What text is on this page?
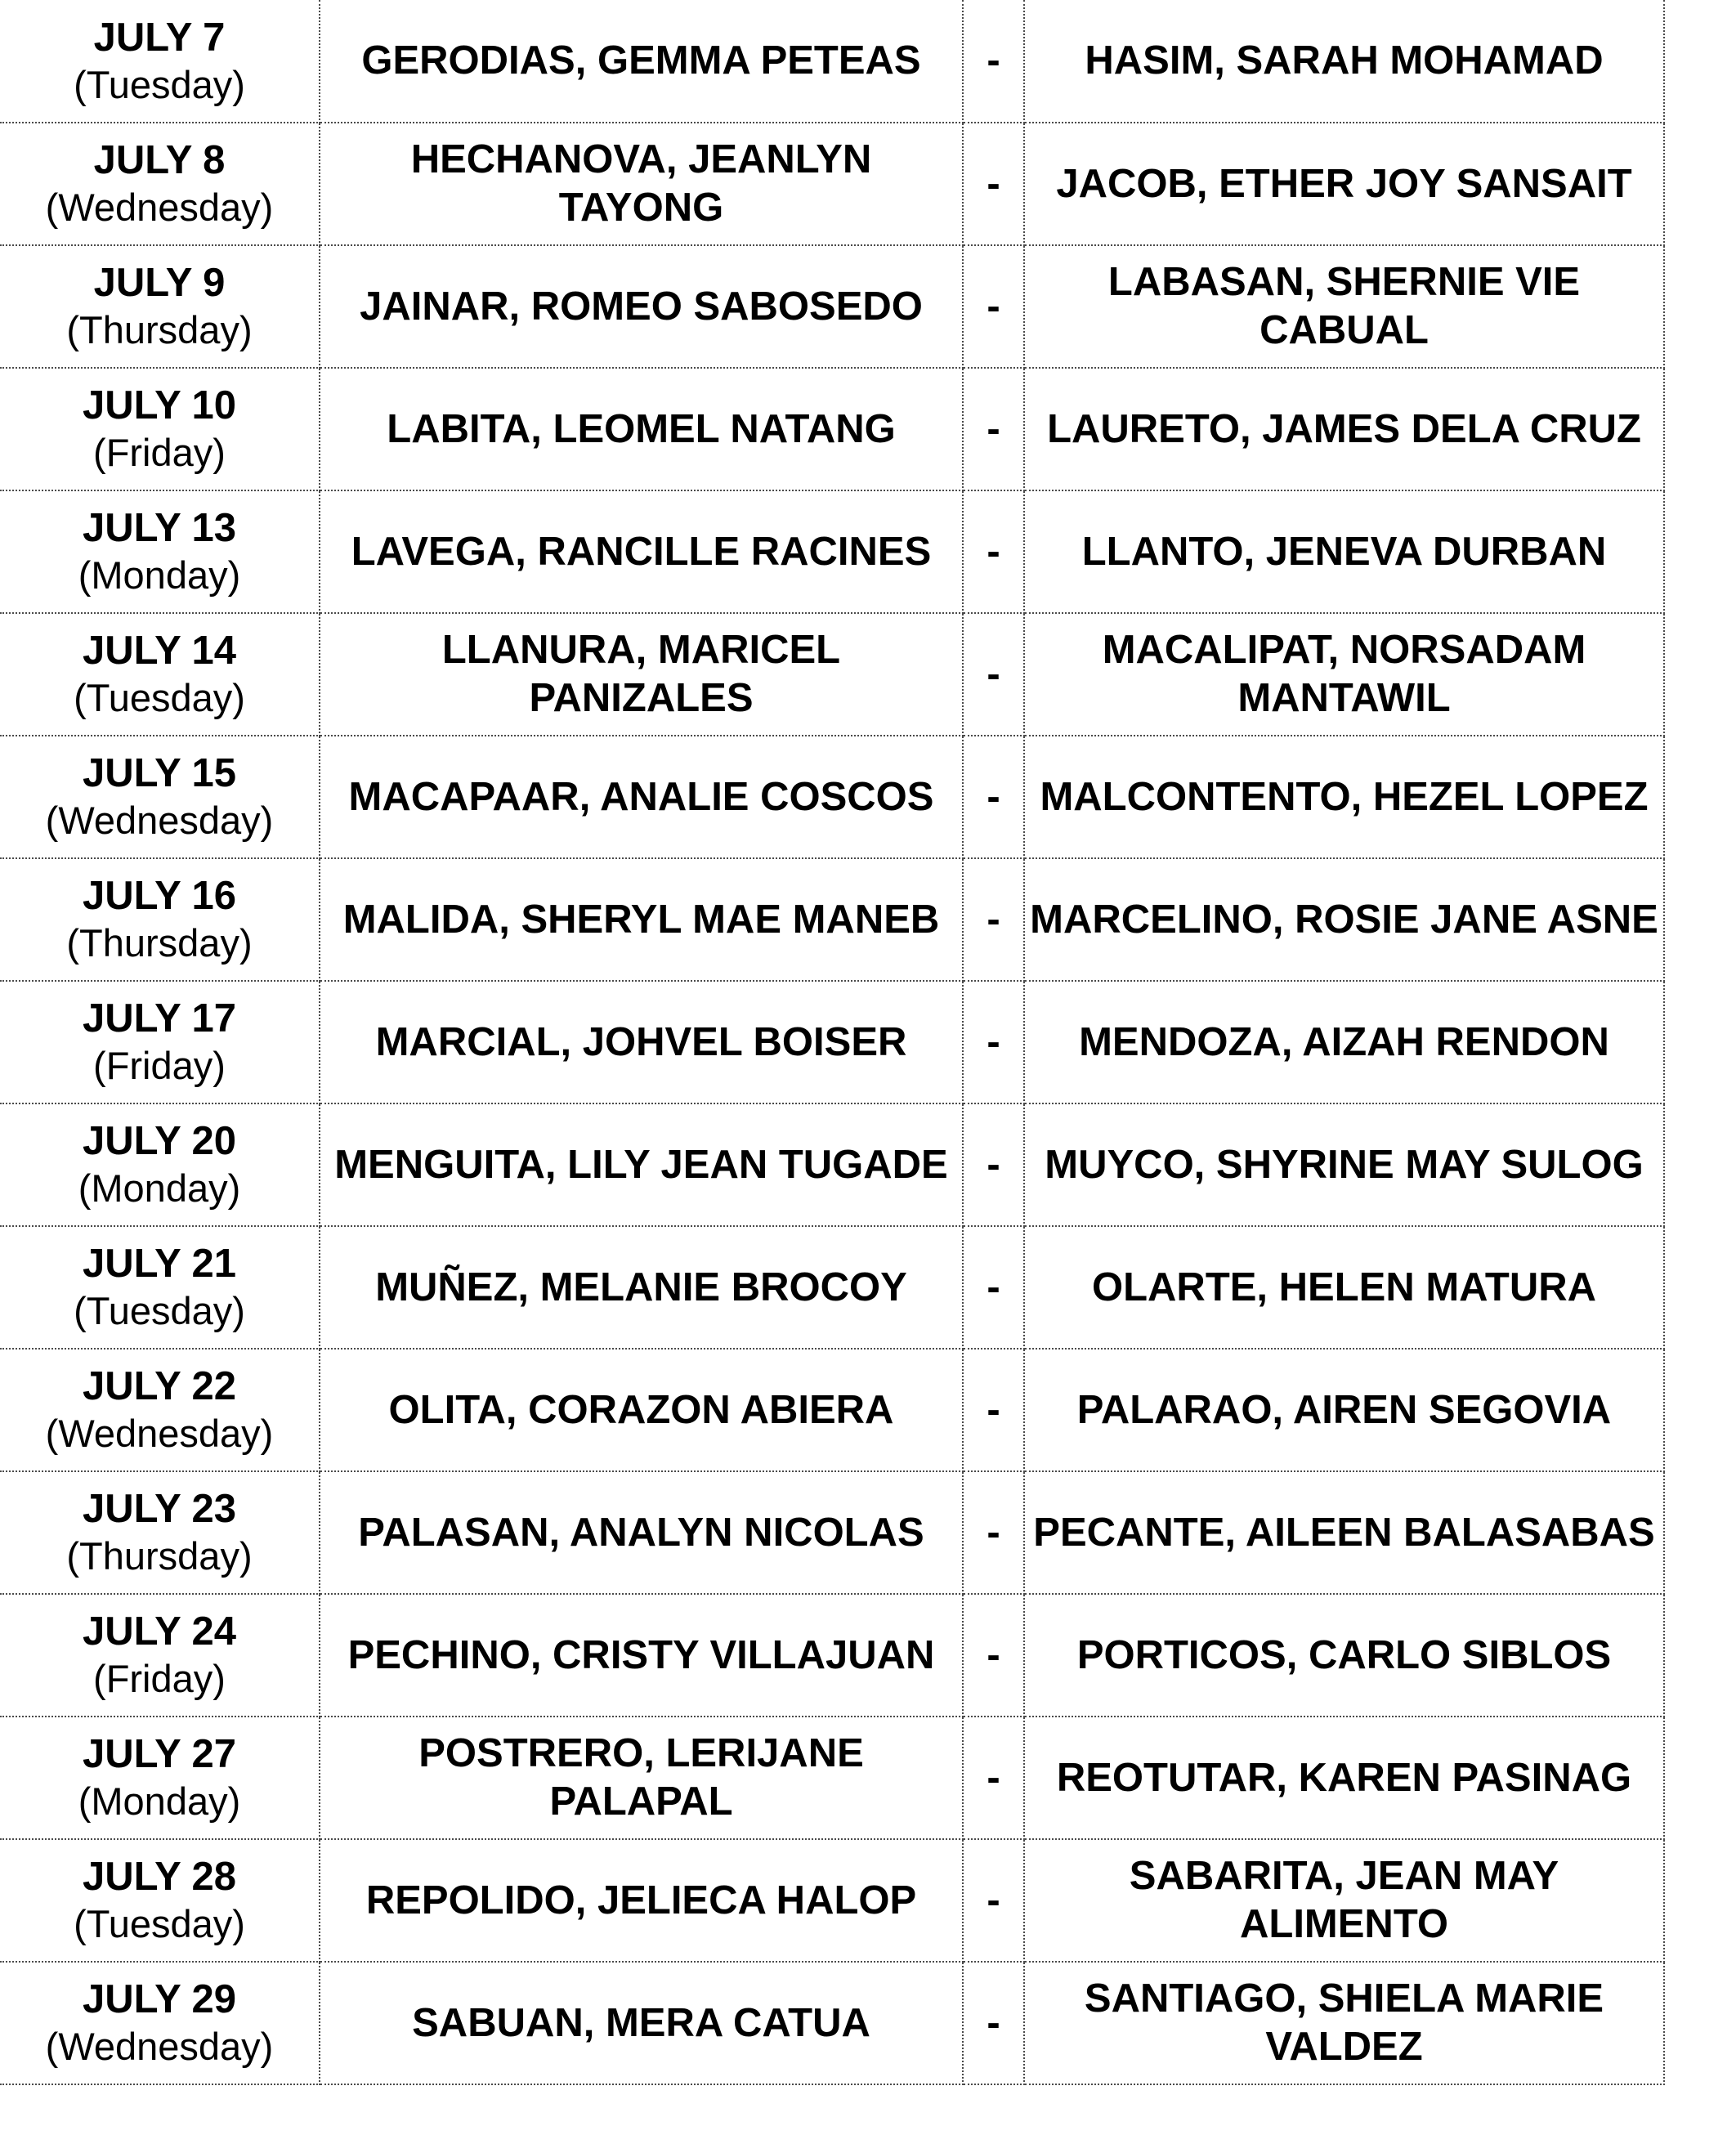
JULY 7
(Tuesday)	GERODIAS, GEMMA PETEAS	-	HASIM, SARAH MOHAMAD

JULY 8
(Wednesday)	HECHANOVA, JEANLYN TAYONG	-	JACOB, ETHER JOY SANSAIT

JULY 9
(Thursday)	JAINAR, ROMEO SABOSEDO	-	LABASAN, SHERNIE VIE CABUAL

JULY 10
(Friday)	LABITA, LEOMEL NATANG	-	LAURETO, JAMES DELA CRUZ

JULY 13
(Monday)	LAVEGA, RANCILLE RACINES	-	LLANTO, JENEVA DURBAN

JULY 14
(Tuesday)	LLANURA, MARICEL PANIZALES	-	MACALIPAT, NORSADAM MANTAWIL

JULY 15
(Wednesday)	MACAPAAR, ANALIE COSCOS	-	MALCONTENTO, HEZEL LOPEZ

JULY 16
(Thursday)	MALIDA, SHERYL MAE MANEB	-	MARCELINO, ROSIE JANE ASNE

JULY 17
(Friday)	MARCIAL, JOHVEL BOISER	-	MENDOZA, AIZAH RENDON

JULY 20
(Monday)	MENGUITA, LILY JEAN TUGADE	-	MUYCO, SHYRINE MAY SULOG

JULY 21
(Tuesday)	MUÑEZ, MELANIE BROCOY	-	OLARTE, HELEN MATURA

JULY 22
(Wednesday)	OLITA, CORAZON ABIERA	-	PALARAO, AIREN SEGOVIA

JULY 23
(Thursday)	PALASAN, ANALYN NICOLAS	-	PECANTE, AILEEN BALASABAS

JULY 24
(Friday)	PECHINO, CRISTY VILLAJUAN	-	PORTICOS, CARLO SIBLOS

JULY 27
(Monday)	POSTRERO, LERIJANE PALAPAL	-	REOTUTAR, KAREN PASINAG

JULY 28
(Tuesday)	REPOLIDO, JELIECA HALOP	-	SABARITA, JEAN MAY ALIMENTO

JULY 29
(Wednesday)	SABUAN, MERA CATUA	-	SANTIAGO, SHIELA MARIE VALDEZ
